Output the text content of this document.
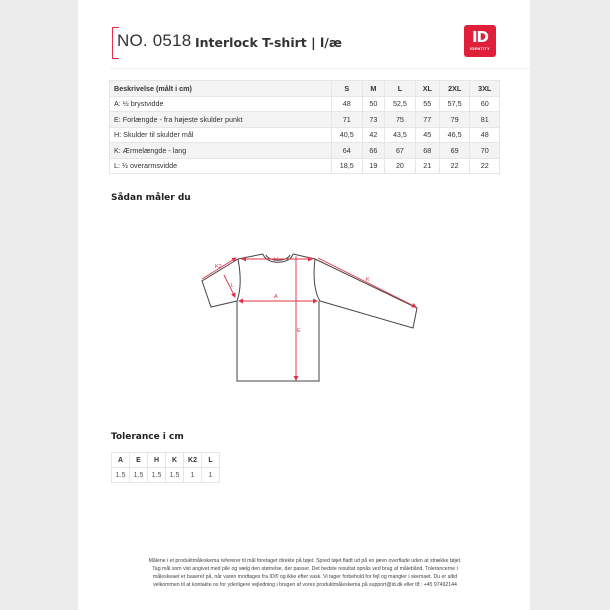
NO. 0518 Interlock T-shirt | l/æ	ID
IDENTITY
Beskrivelse (målt i cm)	S	M	L	XL	2XL	3XL
A: ½ brystvidde	48	50	52,5	55	57,5	60
E: Forlængde - fra højeste skulder punkt	71	73	75	77	79	81
H: Skulder til skulder mål	40,5	42	43,5	45	46,5	48
K: Ærmelængde - lang	64	66	67	68	69	70
L: ½ overarmsvidde	18,5	19	20	21	22	22
Sådan måler du
A
H
E
K
K2
L
Tolerance i cm
A	E	H	K	K2	L
1.5	1.5	1.5	1.5	1	1
Målene i et produktmåleskema refererer til mål foretaget direkte på tøjet. Spred tøjet fladt ud på en jævn overflade uden at strække tøjet.
Tag mål som vist angivet med pile og vælg den størrelse, der passer. Det bedste resultat opnås ved brug af målebånd. Tolerancerne i
måleskeaet er baseret på, når varen modtages fra ID® og ikke efter vask. Vi tager forbehold for fejl og mangler i skemaet. Du er altid
velkommen til at kontakte os for yderligere vejledning i brugen af vores produktmåleskema på support@id.dk eller tlf.: +45 97492144
